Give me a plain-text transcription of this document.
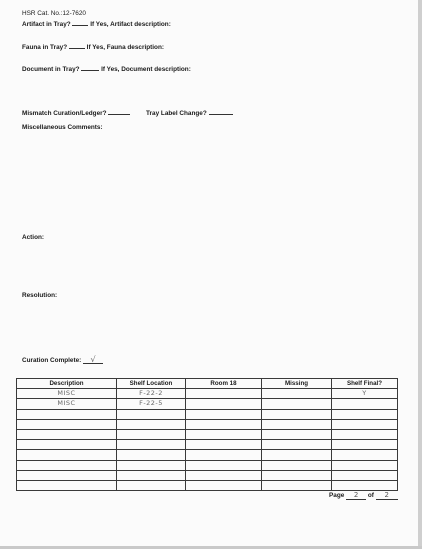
HSR Cat. No.:12-7620
Artifact in Tray?	If Yes, Artifact description:
Fauna in Tray?	If Yes, Fauna description:
Document in Tray?	If Yes, Document description:
Mismatch Curation/Ledger?	Tray Label Change?
Miscellaneous Comments:
Action:
Resolution:
Curation Complete: √
Description	Shelf Location	Room 18	Missing	Shelf Final?
MISC	F-22-2			Y
MISC	F-22-5			

Page 2 of 2
